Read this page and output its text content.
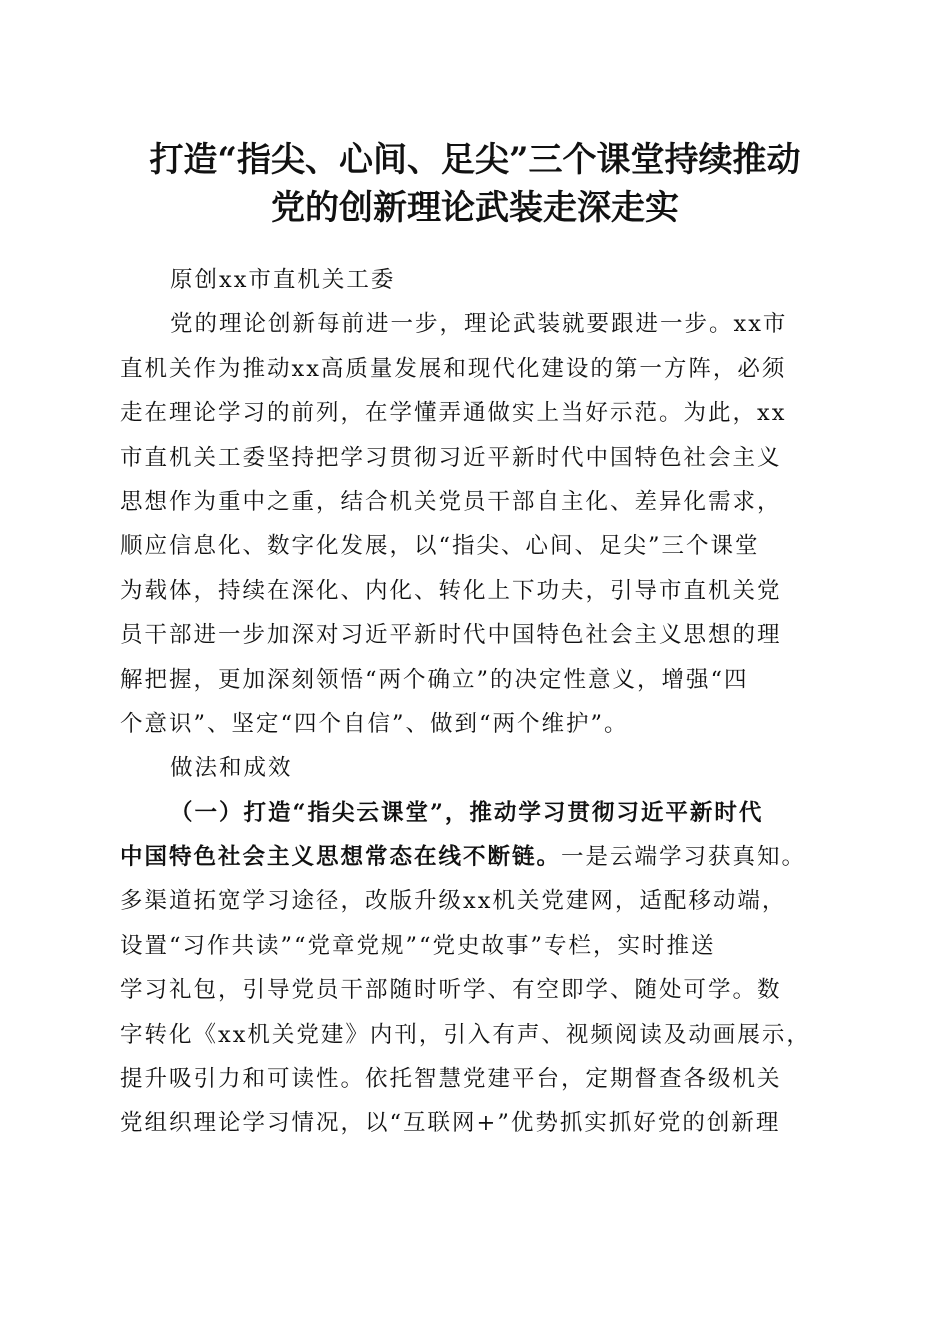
打造“指尖、心间、足尖”三个课堂持续推动
党的创新理论武装走深走实
原创xx市直机关工委
党的理论创新每前进一步，理论武装就要跟进一步。xx市
直机关作为推动xx高质量发展和现代化建设的第一方阵，必须
走在理论学习的前列，在学懂弄通做实上当好示范。为此，xx
市直机关工委坚持把学习贯彻习近平新时代中国特色社会主义
思想作为重中之重，结合机关党员干部自主化、差异化需求，
顺应信息化、数字化发展，以“指尖、心间、足尖”三个课堂
为载体，持续在深化、内化、转化上下功夫，引导市直机关党
员干部进一步加深对习近平新时代中国特色社会主义思想的理
解把握，更加深刻领悟“两个确立”的决定性意义，增强“四
个意识”、坚定“四个自信”、做到“两个维护”。
做法和成效
（一）打造“指尖云课堂”，推动学习贯彻习近平新时代
中国特色社会主义思想常态在线不断链。一是云端学习获真知。
多渠道拓宽学习途径，改版升级xx机关党建网，适配移动端，
设置“习作共读”“党章党规”“党史故事”专栏，实时推送
学习礼包，引导党员干部随时听学、有空即学、随处可学。数
字转化《xx机关党建》内刊，引入有声、视频阅读及动画展示，
提升吸引力和可读性。依托智慧党建平台，定期督查各级机关
党组织理论学习情况，以“互联网+”优势抓实抓好党的创新理
